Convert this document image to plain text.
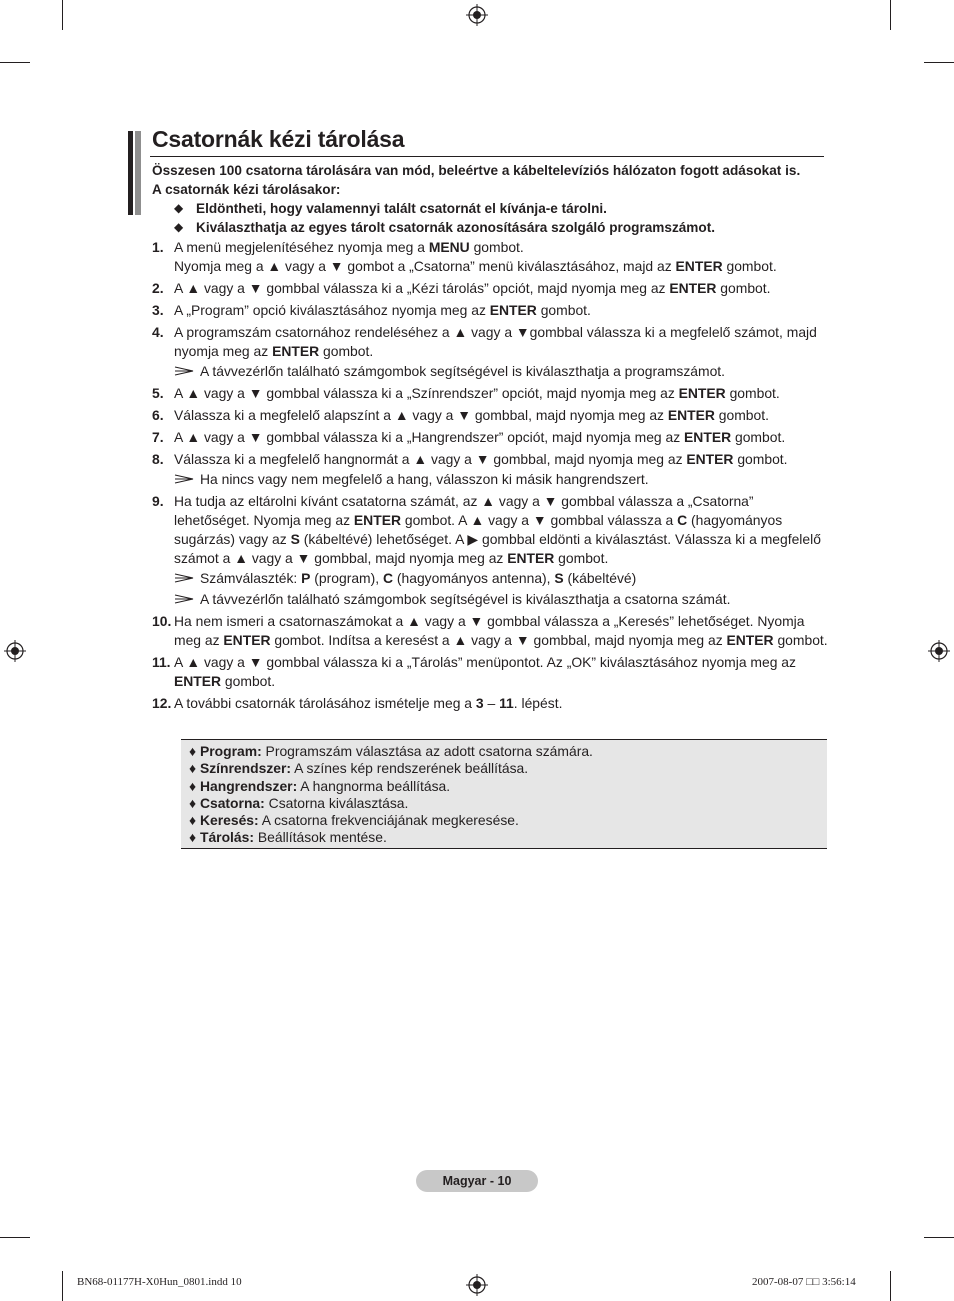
Csatornák kézi tárolása
Összesen 100 csatorna tárolására van mód, beleértve a kábeltelevíziós hálózaton fogott adásokat is. A csatornák kézi tárolásakor:
◆ Eldöntheti, hogy valamennyi talált csatornát el kívánja-e tárolni.
◆ Kiválaszthatja az egyes tárolt csatornák azonosítására szolgáló programszámot.
1. A menü megjelenítéséhez nyomja meg a MENU gombot.
Nyomja meg a ▲ vagy a ▼ gombot a „Csatorna” menü kiválasztásához, majd az ENTER gombot.
2. A ▲ vagy a ▼ gombbal válassza ki a „Kézi tárolás” opciót, majd nyomja meg az ENTER gombot.
3. A „Program” opció kiválasztásához nyomja meg az ENTER gombot.
4. A programszám csatornához rendeléséhez a ▲ vagy a ▼gombbal válassza ki a megfelelő számot, majd nyomja meg az ENTER gombot.
A távvezérlőn található számgombok segítségével is kiválaszthatja a programszámot.
5. A ▲ vagy a ▼ gombbal válassza ki a „Színrendszer” opciót, majd nyomja meg az ENTER gombot.
6. Válassza ki a megfelelő alapszínt a ▲ vagy a ▼ gombbal, majd nyomja meg az ENTER gombot.
7. A ▲ vagy a ▼ gombbal válassza ki a „Hangrendszer” opciót, majd nyomja meg az ENTER gombot.
8. Válassza ki a megfelelő hangnormát a ▲ vagy a ▼ gombbal, majd nyomja meg az ENTER gombot.
Ha nincs vagy nem megfelelő a hang, válasszon ki másik hangrendszert.
9. Ha tudja az eltárolni kívánt csatatorna számát, az ▲ vagy a ▼ gombbal válassza a „Csatorna” lehetőséget. Nyomja meg az ENTER gombot. A ▲ vagy a ▼ gombbal válassza a C (hagyományos sugárzás) vagy az S (kábeltévé) lehetőséget. A ▶ gombbal eldönti a kiválasztást. Válassza ki a megfelelő számot a ▲ vagy a ▼ gombbal, majd nyomja meg az ENTER gombot.
Számválaszték: P (program), C (hagyományos antenna), S (kábeltévé)
A távvezérlőn található számgombok segítségével is kiválaszthatja a csatorna számát.
10. Ha nem ismeri a csatornaszámokat a ▲ vagy a ▼ gombbal válassza a „Keresés” lehetőséget. Nyomja meg az ENTER gombot. Indítsa a keresést a ▲ vagy a ▼ gombbal, majd nyomja meg az ENTER gombot.
11. A ▲ vagy a ▼ gombbal válassza ki a „Tárolás” menüpontot. Az „OK” kiválasztásához nyomja meg az ENTER gombot.
12. A további csatornák tárolásához ismételje meg a 3 – 11. lépést.
♦ Program: Programszám választása az adott csatorna számára.
♦ Színrendszer: A színes kép rendszerének beállítása.
♦ Hangrendszer: A hangnorma beállítása.
♦ Csatorna: Csatorna kiválasztása.
♦ Keresés: A csatorna frekvenciájának megkeresése.
♦ Tárolás: Beállítások mentése.
Magyar - 10
BN68-01177H-X0Hun_0801.indd 10	2007-08-07 □□ 3:56:14
